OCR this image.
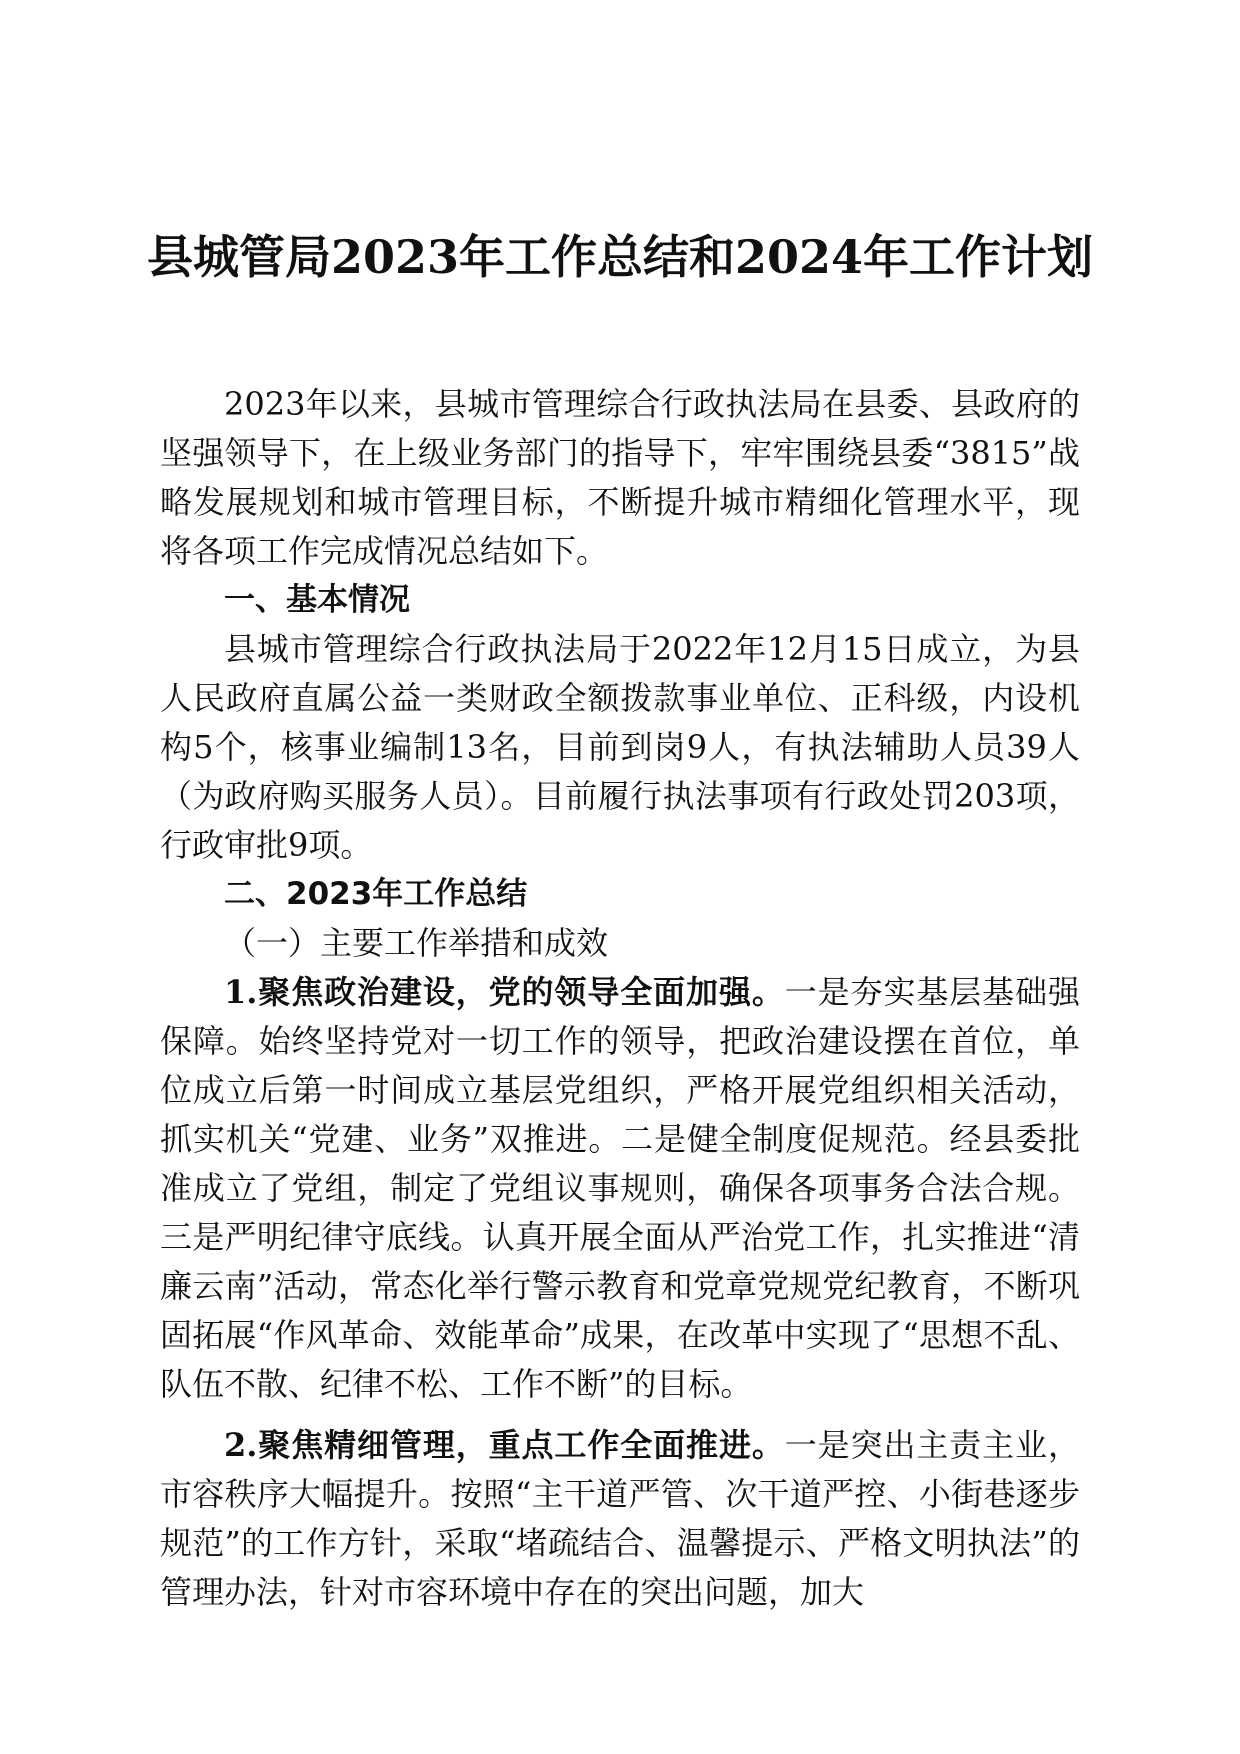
县城管局2023年工作总结和2024年工作计划

2023年以来，县城市管理综合行政执法局在县委、县政府的坚强领导下，在上级业务部门的指导下，牢牢围绕县委“3815”战略发展规划和城市管理目标，不断提升城市精细化管理水平，现将各项工作完成情况总结如下。

一、基本情况

县城市管理综合行政执法局于2022年12月15日成立，为县人民政府直属公益一类财政全额拨款事业单位、正科级，内设机构5个，核事业编制13名，目前到岗9人，有执法辅助人员39人（为政府购买服务人员）。目前履行执法事项有行政处罚203项，行政审批9项。

二、2023年工作总结

（一）主要工作举措和成效

1.聚焦政治建设，党的领导全面加强。一是夯实基层基础强保障。始终坚持党对一切工作的领导，把政治建设摆在首位，单位成立后第一时间成立基层党组织，严格开展党组织相关活动，抓实机关“党建、业务”双推进。二是健全制度促规范。经县委批准成立了党组，制定了党组议事规则，确保各项事务合法合规。三是严明纪律守底线。认真开展全面从严治党工作，扎实推进“清廉云南”活动，常态化举行警示教育和党章党规党纪教育，不断巩固拓展“作风革命、效能革命”成果，在改革中实现了“思想不乱、队伍不散、纪律不松、工作不断”的目标。

2.聚焦精细管理，重点工作全面推进。一是突出主责主业，市容秩序大幅提升。按照“主干道严管、次干道严控、小街巷逐步规范”的工作方针，采取“堵疏结合、温馨提示、严格文明执法”的管理办法，针对市容环境中存在的突出问题，加大
